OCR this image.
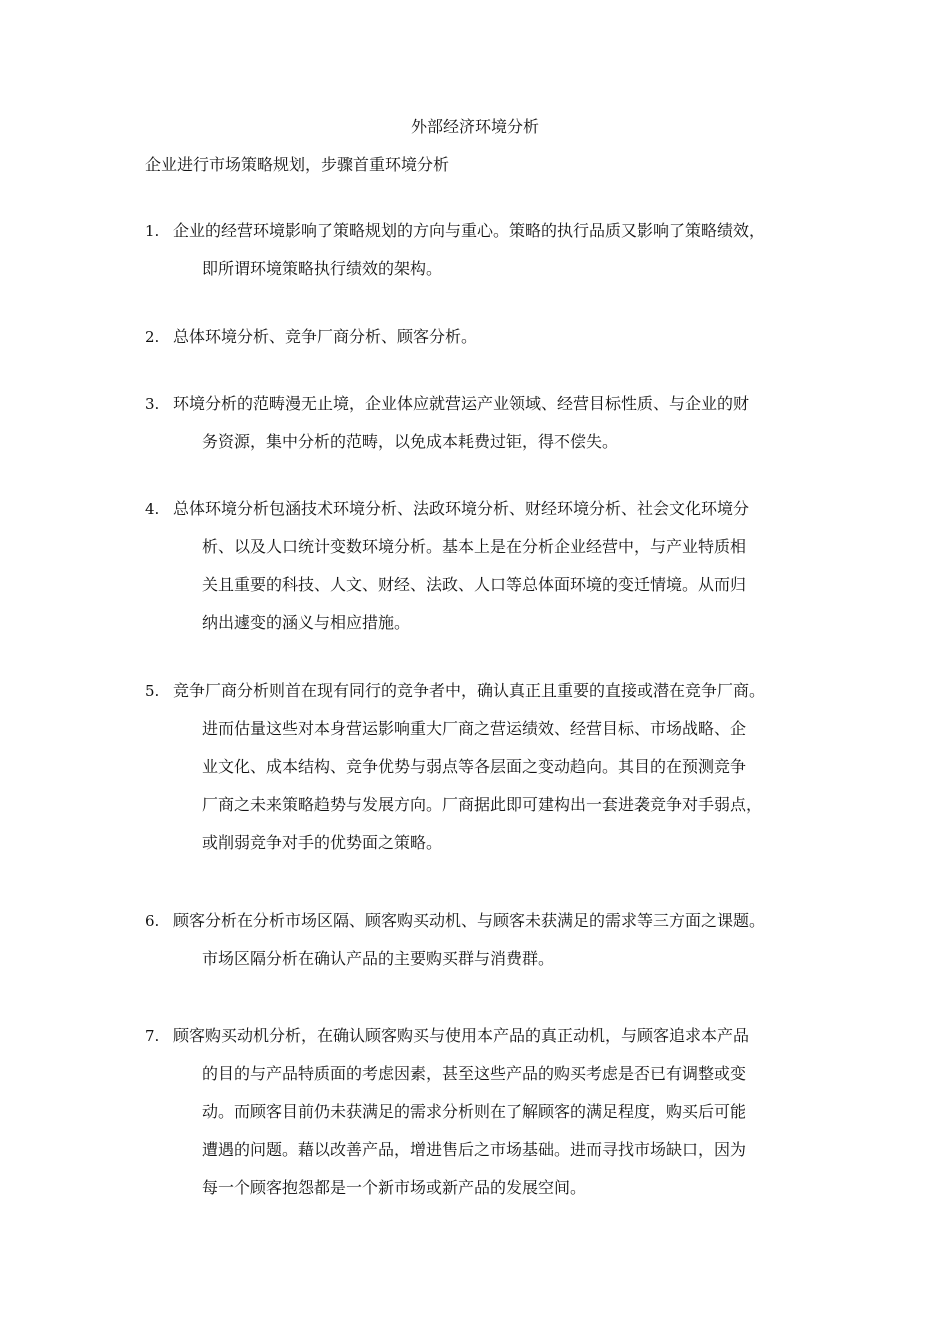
外部经济环境分析
企业进行市场策略规划，步骤首重环境分析
1. 企业的经营环境影响了策略规划的方向与重心。策略的执行品质又影响了策略绩效，
即所谓环境策略执行绩效的架构。
2. 总体环境分析、竞争厂商分析、顾客分析。
3. 环境分析的范畴漫无止境，企业体应就营运产业领域、经营目标性质、与企业的财
务资源，集中分析的范畴，以免成本耗费过钜，得不偿失。
4. 总体环境分析包涵技术环境分析、法政环境分析、财经环境分析、社会文化环境分
析、以及人口统计变数环境分析。基本上是在分析企业经营中，与产业特质相
关且重要的科技、人文、财经、法政、人口等总体面环境的变迁情境。从而归
纳出遽变的涵义与相应措施。
5. 竞争厂商分析则首在现有同行的竞争者中，确认真正且重要的直接或潜在竞争厂商。
进而估量这些对本身营运影响重大厂商之营运绩效、经营目标、市场战略、企
业文化、成本结构、竞争优势与弱点等各层面之变动趋向。其目的在预测竞争
厂商之未来策略趋势与发展方向。厂商据此即可建构出一套进袭竞争对手弱点，
或削弱竞争对手的优势面之策略。
6. 顾客分析在分析市场区隔、顾客购买动机、与顾客未获满足的需求等三方面之课题。
市场区隔分析在确认产品的主要购买群与消费群。
7. 顾客购买动机分析，在确认顾客购买与使用本产品的真正动机，与顾客追求本产品
的目的与产品特质面的考虑因素，甚至这些产品的购买考虑是否已有调整或变
动。而顾客目前仍未获满足的需求分析则在了解顾客的满足程度，购买后可能
遭遇的问题。藉以改善产品，增进售后之市场基础。进而寻找市场缺口，因为
每一个顾客抱怨都是一个新市场或新产品的发展空间。
